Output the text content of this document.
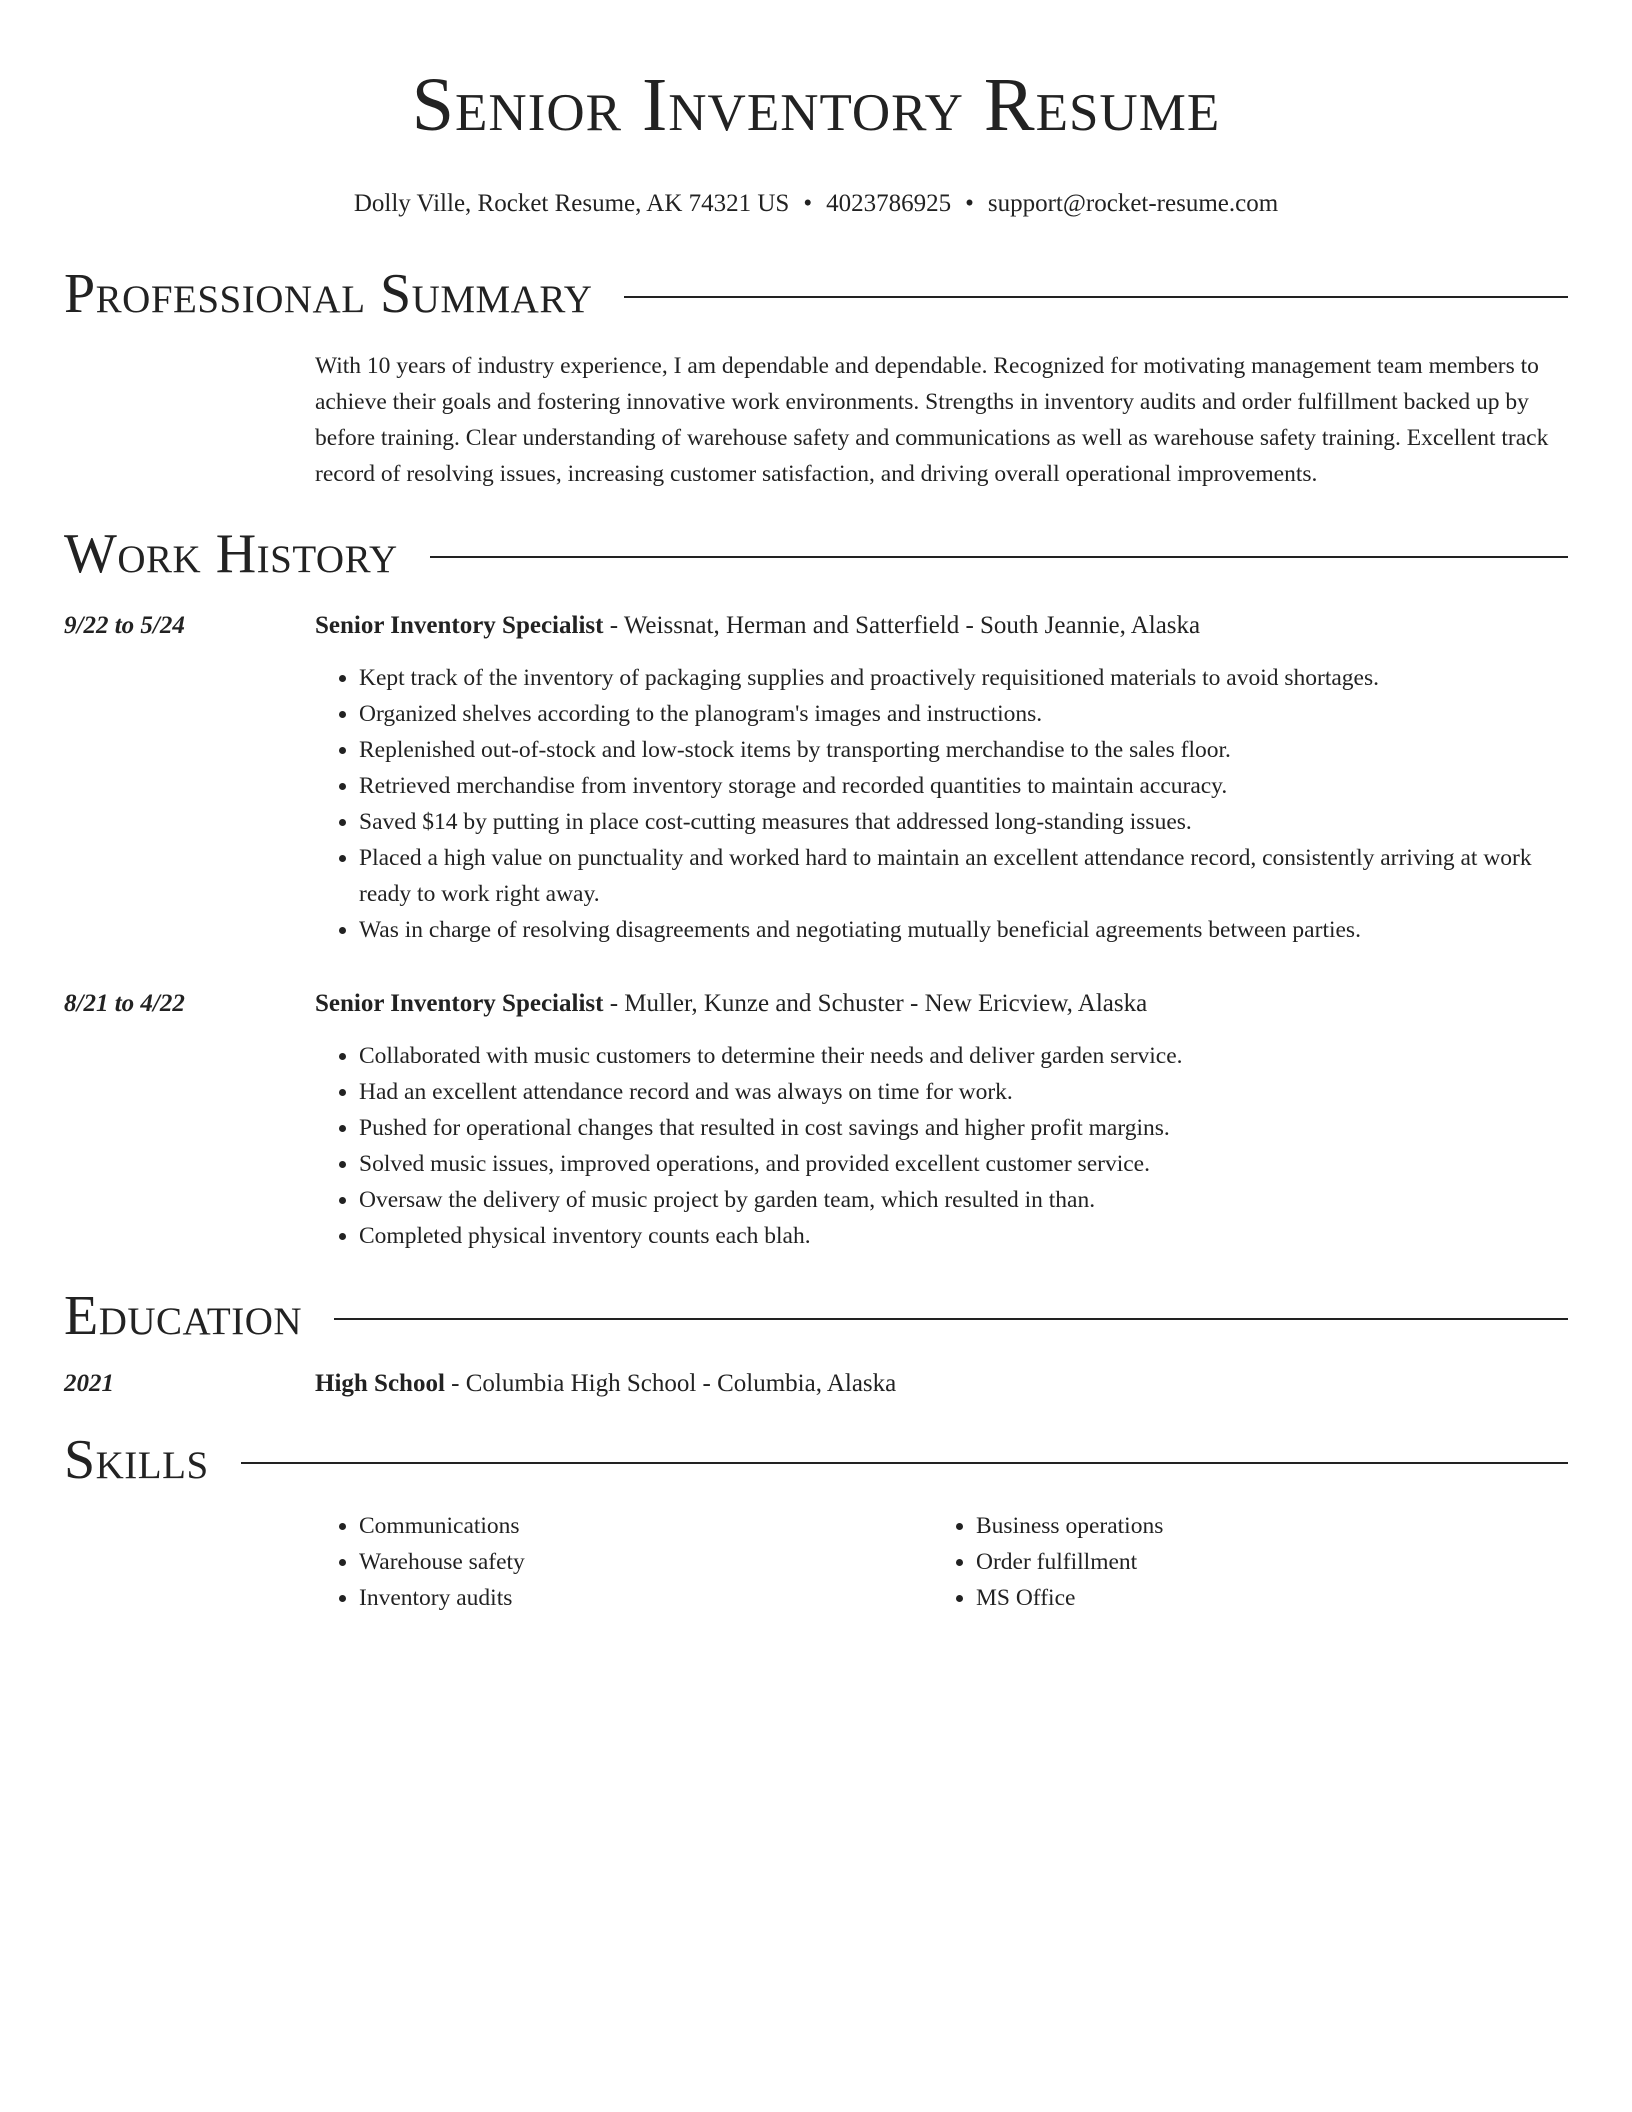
Senior Inventory Resume
Dolly Ville, Rocket Resume, AK 74321 US • 4023786925 • support@rocket-resume.com
Professional Summary
With 10 years of industry experience, I am dependable and dependable. Recognized for motivating management team members to achieve their goals and fostering innovative work environments. Strengths in inventory audits and order fulfillment backed up by before training. Clear understanding of warehouse safety and communications as well as warehouse safety training. Excellent track record of resolving issues, increasing customer satisfaction, and driving overall operational improvements.
Work History
9/22 to 5/24	Senior Inventory Specialist - Weissnat, Herman and Satterfield - South Jeannie, Alaska
• Kept track of the inventory of packaging supplies and proactively requisitioned materials to avoid shortages.
• Organized shelves according to the planogram's images and instructions.
• Replenished out-of-stock and low-stock items by transporting merchandise to the sales floor.
• Retrieved merchandise from inventory storage and recorded quantities to maintain accuracy.
• Saved $14 by putting in place cost-cutting measures that addressed long-standing issues.
• Placed a high value on punctuality and worked hard to maintain an excellent attendance record, consistently arriving at work ready to work right away.
• Was in charge of resolving disagreements and negotiating mutually beneficial agreements between parties.
8/21 to 4/22	Senior Inventory Specialist - Muller, Kunze and Schuster - New Ericview, Alaska
• Collaborated with music customers to determine their needs and deliver garden service.
• Had an excellent attendance record and was always on time for work.
• Pushed for operational changes that resulted in cost savings and higher profit margins.
• Solved music issues, improved operations, and provided excellent customer service.
• Oversaw the delivery of music project by garden team, which resulted in than.
• Completed physical inventory counts each blah.
Education
2021	High School - Columbia High School - Columbia, Alaska
Skills
• Communications
• Warehouse safety
• Inventory audits
• Business operations
• Order fulfillment
• MS Office
